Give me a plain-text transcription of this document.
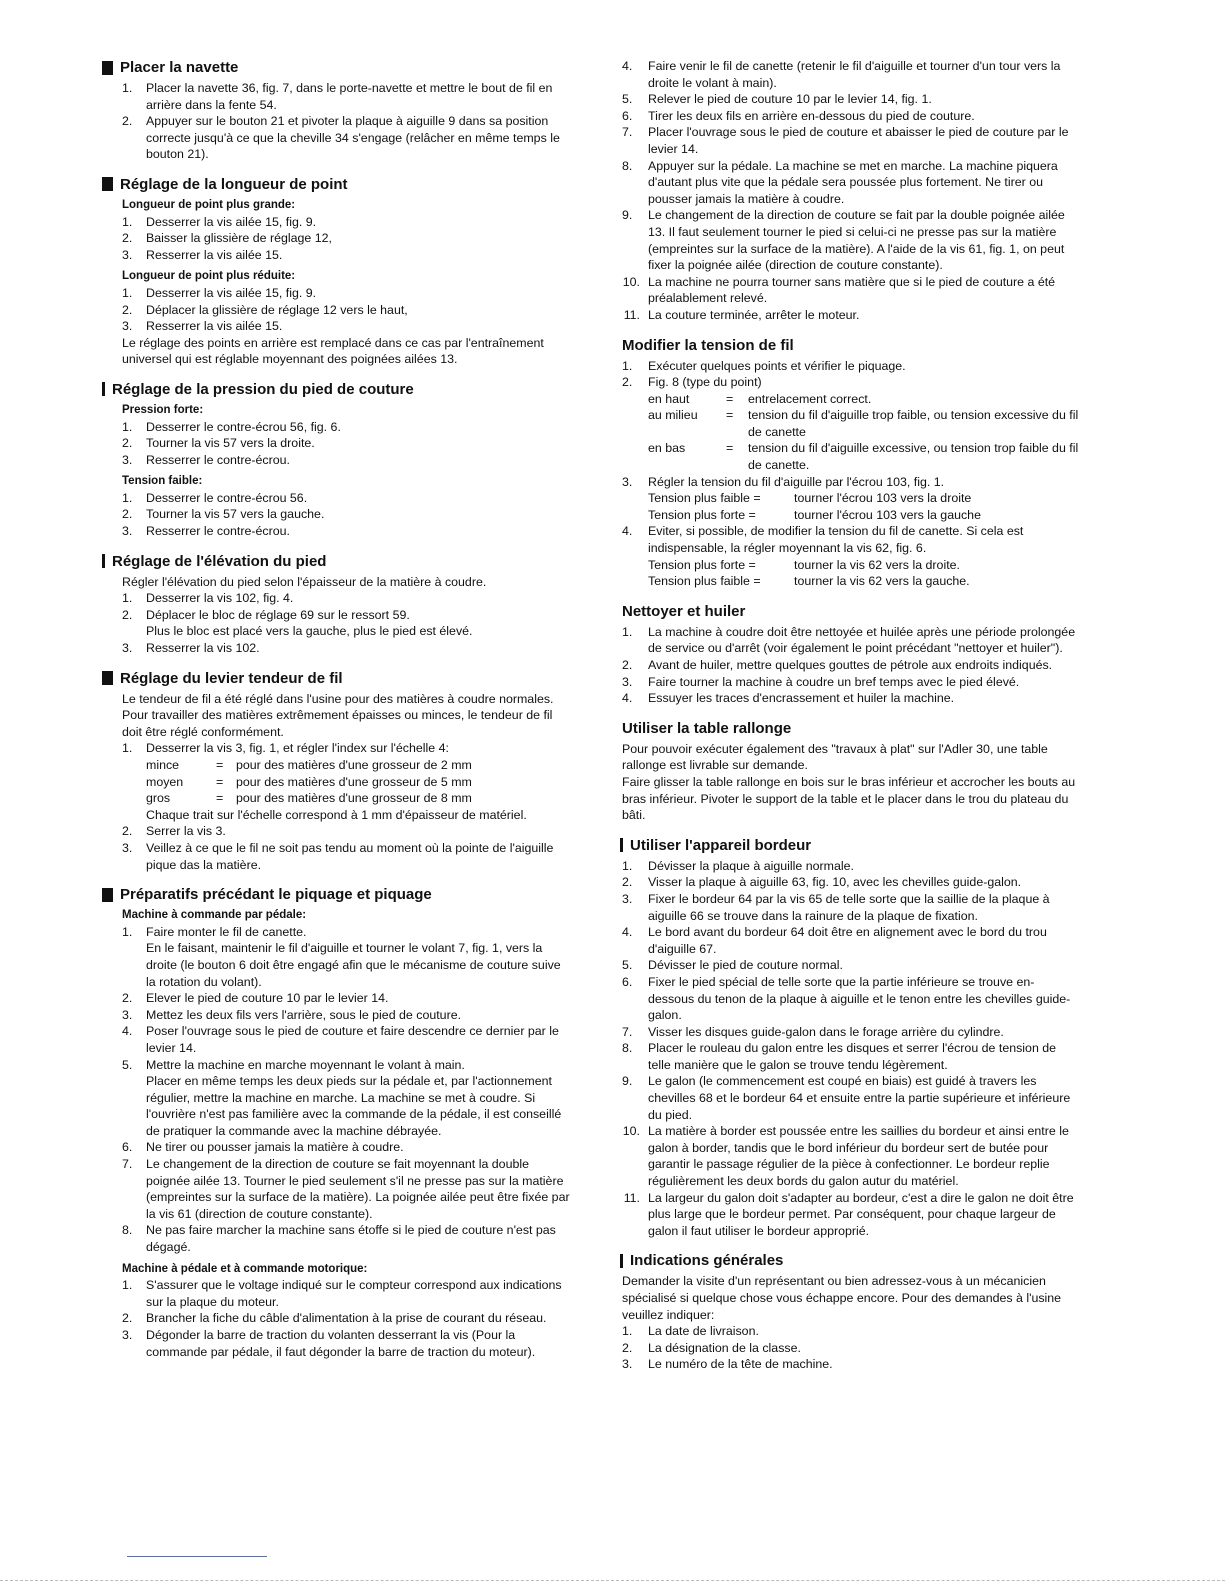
Placer la navette
1.	Placer la navette 36, fig. 7, dans le porte-navette et mettre le bout de fil en arrière dans la fente 54.
2.	Appuyer sur le bouton 21 et pivoter la plaque à aiguille 9 dans sa position correcte jusqu'à ce que la cheville 34 s'engage (relâcher en même temps le bouton 21).
Réglage de la longueur de point
Longueur de point plus grande:
1.	Desserrer la vis ailée 15, fig. 9.
2.	Baisser la glissière de réglage 12,
3.	Resserrer la vis ailée 15.
Longueur de point plus réduite:
1.	Desserrer la vis ailée 15, fig. 9.
2.	Déplacer la glissière de réglage 12 vers le haut,
3.	Resserrer la vis ailée 15.
Le réglage des points en arrière est remplacé dans ce cas par l'entraînement universel qui est réglable moyennant des poignées ailées 13.
Réglage de la pression du pied de couture
Pression forte:
1.	Desserrer le contre-écrou 56, fig. 6.
2.	Tourner la vis 57 vers la droite.
3.	Resserrer le contre-écrou.
Tension faible:
1.	Desserrer le contre-écrou 56.
2.	Tourner la vis 57 vers la gauche.
3.	Resserrer le contre-écrou.
Réglage de l'élévation du pied
Régler l'élévation du pied selon l'épaisseur de la matière à coudre.
1.	Desserrer la vis 102, fig. 4.
2.	Déplacer le bloc de réglage 69 sur le ressort 59.
Plus le bloc est placé vers la gauche, plus le pied est élevé.
3.	Resserrer la vis 102.
Réglage du levier tendeur de fil
Le tendeur de fil a été réglé dans l'usine pour des matières à coudre normales.
Pour travailler des matières extrêmement épaisses ou minces, le tendeur de fil doit être réglé conformément.
1.	Desserrer la vis 3, fig. 1, et régler l'index sur l'échelle 4:
mince	=	pour des matières d'une grosseur de 2 mm
moyen	=	pour des matières d'une grosseur de 5 mm
gros	=	pour des matières d'une grosseur de 8 mm
Chaque trait sur l'échelle correspond à 1 mm d'épaisseur de matériel.
2.	Serrer la vis 3.
3.	Veillez à ce que le fil ne soit pas tendu au moment où la pointe de l'aiguille pique das la matière.
Préparatifs précédant le piquage et piquage
Machine à commande par pédale:
1.	Faire monter le fil de canette.
En le faisant, maintenir le fil d'aiguille et tourner le volant 7, fig. 1, vers la droite (le bouton 6 doit être engagé afin que le mécanisme de couture suive la rotation du volant).
2.	Elever le pied de couture 10 par le levier 14.
3.	Mettez les deux fils vers l'arrière, sous le pied de couture.
4.	Poser l'ouvrage sous le pied de couture et faire descendre ce dernier par le levier 14.
5.	Mettre la machine en marche moyennant le volant à main.
Placer en même temps les deux pieds sur la pédale et, par l'actionnement régulier, mettre la machine en marche. La machine se met à coudre. Si l'ouvrière n'est pas familière avec la commande de la pédale, il est conseillé de pratiquer la commande avec la machine débrayée.
6.	Ne tirer ou pousser jamais la matière à coudre.
7.	Le changement de la direction de couture se fait moyennant la double poignée ailée 13. Tourner le pied seulement s'il ne presse pas sur la matière (empreintes sur la surface de la matière). La poignée ailée peut être fixée par la vis 61 (direction de couture constante).
8.	Ne pas faire marcher la machine sans étoffe si le pied de couture n'est pas dégagé.
Machine à pédale et à commande motorique:
1.	S'assurer que le voltage indiqué sur le compteur correspond aux indications sur la plaque du moteur.
2.	Brancher la fiche du câble d'alimentation à la prise de courant du réseau.
3.	Dégonder la barre de traction du volanten desserrant la vis (Pour la commande par pédale, il faut dégonder la barre de traction du moteur).
4.	Faire venir le fil de canette (retenir le fil d'aiguille et tourner d'un tour vers la droite le volant à main).
5.	Relever le pied de couture 10 par le levier 14, fig. 1.
6.	Tirer les deux fils en arrière en-dessous du pied de couture.
7.	Placer l'ouvrage sous le pied de couture et abaisser le pied de couture par le levier 14.
8.	Appuyer sur la pédale. La machine se met en marche. La machine piquera d'autant plus vite que la pédale sera poussée plus fortement. Ne tirer ou pousser jamais la matière à coudre.
9.	Le changement de la direction de couture se fait par la double poignée ailée 13. Il faut seulement tourner le pied si celui-ci ne presse pas sur la matière (empreintes sur la surface de la matière). A l'aide de la vis 61, fig. 1, on peut fixer la poignée ailée (direction de couture constante).
10. La machine ne pourra tourner sans matière que si le pied de couture a été préalablement relevé.
11. La couture terminée, arrêter le moteur.
Modifier la tension de fil
1.	Exécuter quelques points et vérifier le piquage.
2.	Fig. 8 (type du point)
en haut	=	entrelacement correct.
au milieu	=	tension du fil d'aiguille trop faible, ou tension excessive du fil de canette
en bas	=	tension du fil d'aiguille excessive, ou tension trop faible du fil de canette.
3.	Régler la tension du fil d'aiguille par l'écrou 103, fig. 1.
Tension plus faible =	tourner l'écrou 103 vers la droite
Tension plus forte =	tourner l'écrou 103 vers la gauche
4.	Eviter, si possible, de modifier la tension du fil de canette. Si cela est indispensable, la régler moyennant la vis 62, fig. 6.
Tension plus forte =	tourner la vis 62 vers la droite.
Tension plus faible =	tourner la vis 62 vers la gauche.
Nettoyer et huiler
1.	La machine à coudre doit être nettoyée et huilée après une période prolongée de service ou d'arrêt (voir également le point précédant "nettoyer et huiler").
2.	Avant de huiler, mettre quelques gouttes de pétrole aux endroits indiqués.
3.	Faire tourner la machine à coudre un bref temps avec le pied élevé.
4.	Essuyer les traces d'encrassement et huiler la machine.
Utiliser la table rallonge
Pour pouvoir exécuter également des "travaux à plat" sur l'Adler 30, une table rallonge est livrable sur demande.
Faire glisser la table rallonge en bois sur le bras inférieur et accrocher les bouts au bras inférieur. Pivoter le support de la table et le placer dans le trou du plateau du bâti.
Utiliser l'appareil bordeur
1.	Dévisser la plaque à aiguille normale.
2.	Visser la plaque à aiguille 63, fig. 10, avec les chevilles guide-galon.
3.	Fixer le bordeur 64 par la vis 65 de telle sorte que la saillie de la plaque à aiguille 66 se trouve dans la rainure de la plaque de fixation.
4.	Le bord avant du bordeur 64 doit être en alignement avec le bord du trou d'aiguille 67.
5.	Dévisser le pied de couture normal.
6.	Fixer le pied spécial de telle sorte que la partie inférieure se trouve en-dessous du tenon de la plaque à aiguille et le tenon entre les chevilles guide-galon.
7.	Visser les disques guide-galon dans le forage arrière du cylindre.
8.	Placer le rouleau du galon entre les disques et serrer l'écrou de tension de telle manière que le galon se trouve tendu légèrement.
9.	Le galon (le commencement est coupé en biais) est guidé à travers les chevilles 68 et le bordeur 64 et ensuite entre la partie supérieure et inférieure du pied.
10. La matière à border est poussée entre les saillies du bordeur et ainsi entre le galon à border, tandis que le bord inférieur du bordeur sert de butée pour garantir le passage régulier de la pièce à confectionner. Le bordeur replie régulièrement les deux bords du galon autur du matériel.
11. La largeur du galon doit s'adapter au bordeur, c'est a dire le galon ne doit être plus large que le bordeur permet. Par conséquent, pour chaque largeur de galon il faut utiliser le bordeur approprié.
Indications générales
Demander la visite d'un représentant ou bien adressez-vous à un mécanicien spécialisé si quelque chose vous échappe encore. Pour des demandes à l'usine veuillez indiquer:
1.	La date de livraison.
2.	La désignation de la classe.
3.	Le numéro de la tête de machine.
